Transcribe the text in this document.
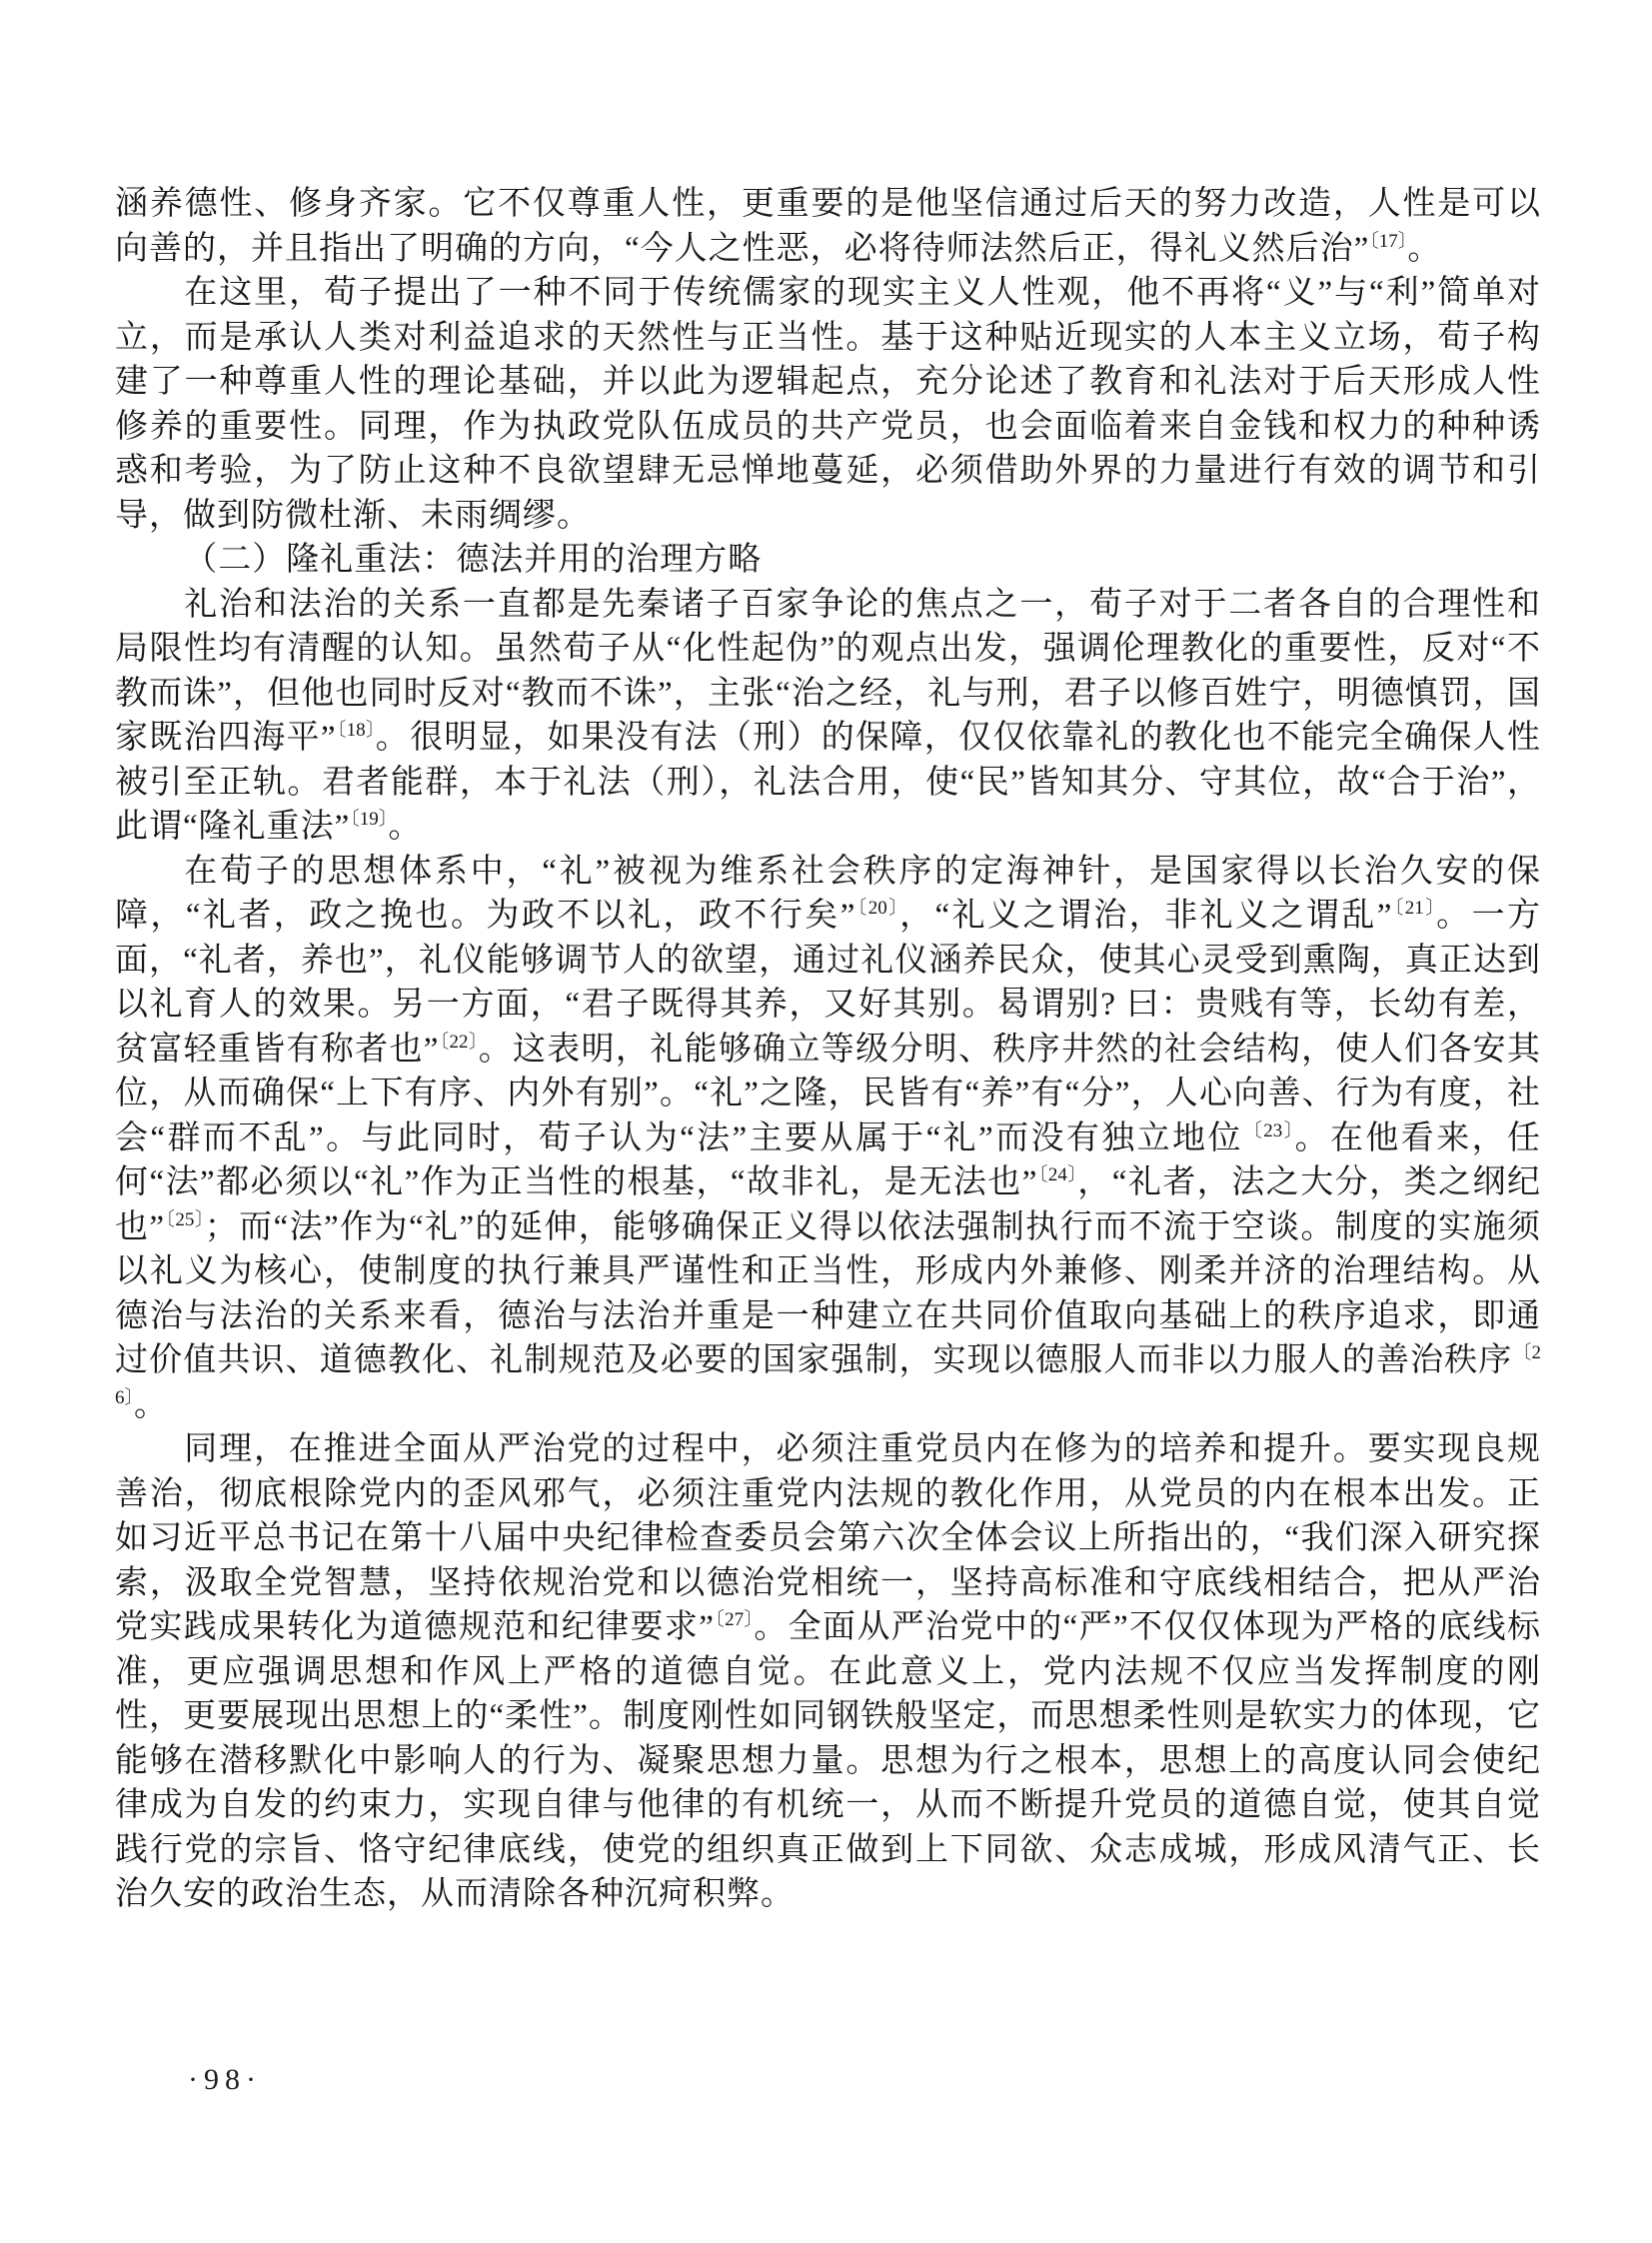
涵养德性、修身齐家。它不仅尊重人性，更重要的是他坚信通过后天的努力改造，人性是可以向善的，并且指出了明确的方向，“今人之性恶，必将待师法然后正，得礼义然后治”$^{〔17〕}$。

在这里，荀子提出了一种不同于传统儒家的现实主义人性观，他不再将“义”与“利”简单对立，而是承认人类对利益追求的天然性与正当性。基于这种贴近现实的人本主义立场，荀子构建了一种尊重人性的理论基础，并以此为逻辑起点，充分论述了教育和礼法对于后天形成人性修养的重要性。同理，作为执政党队伍成员的共产党员，也会面临着来自金钱和权力的种种诱惑和考验，为了防止这种不良欲望肆无忌惮地蔓延，必须借助外界的力量进行有效的调节和引导，做到防微杜渐、未雨绸缪。

（二）隆礼重法：德法并用的治理方略

礼治和法治的关系一直都是先秦诸子百家争论的焦点之一，荀子对于二者各自的合理性和局限性均有清醒的认知。虽然荀子从“化性起伪”的观点出发，强调伦理教化的重要性，反对“不教而诛”，但他也同时反对“教而不诛”，主张“治之经，礼与刑，君子以修百姓宁，明德慎罚，国家既治四海平”$^{〔18〕}$。很明显，如果没有法（刑）的保障，仅仅依靠礼的教化也不能完全确保人性被引至正轨。君者能群，本于礼法（刑），礼法合用，使“民”皆知其分、守其位，故“合于治”，此谓“隆礼重法”$^{〔19〕}$。

在荀子的思想体系中，“礼”被视为维系社会秩序的定海神针，是国家得以长治久安的保障，“礼者，政之挽也。为政不以礼，政不行矣”$^{〔20〕}$，“礼义之谓治，非礼义之谓乱”$^{〔21〕}$。一方面，“礼者，养也”，礼仪能够调节人的欲望，通过礼仪涵养民众，使其心灵受到熏陶，真正达到以礼育人的效果。另一方面，“君子既得其养，又好其别。曷谓别? 曰：贵贱有等，长幼有差，贫富轻重皆有称者也”$^{〔22〕}$。这表明，礼能够确立等级分明、秩序井然的社会结构，使人们各安其位，从而确保“上下有序、内外有别”。“礼”之隆，民皆有“养”有“分”，人心向善、行为有度，社会“群而不乱”。与此同时，荀子认为“法”主要从属于“礼”而没有独立地位$^{〔23〕}$。在他看来，任何“法”都必须以“礼”作为正当性的根基，“故非礼，是无法也”$^{〔24〕}$，“礼者，法之大分，类之纲纪也”$^{〔25〕}$；而“法”作为“礼”的延伸，能够确保正义得以依法强制执行而不流于空谈。制度的实施须以礼义为核心，使制度的执行兼具严谨性和正当性，形成内外兼修、刚柔并济的治理结构。从德治与法治的关系来看，德治与法治并重是一种建立在共同价值取向基础上的秩序追求，即通过价值共识、道德教化、礼制规范及必要的国家强制，实现以德服人而非以力服人的善治秩序$^{〔26〕}$。

同理，在推进全面从严治党的过程中，必须注重党员内在修为的培养和提升。要实现良规善治，彻底根除党内的歪风邪气，必须注重党内法规的教化作用，从党员的内在根本出发。正如习近平总书记在第十八届中央纪律检查委员会第六次全体会议上所指出的，“我们深入研究探索，汲取全党智慧，坚持依规治党和以德治党相统一，坚持高标准和守底线相结合，把从严治党实践成果转化为道德规范和纪律要求”$^{〔27〕}$。全面从严治党中的“严”不仅仅体现为严格的底线标准，更应强调思想和作风上严格的道德自觉。在此意义上，党内法规不仅应当发挥制度的刚性，更要展现出思想上的“柔性”。制度刚性如同钢铁般坚定，而思想柔性则是软实力的体现，它能够在潜移默化中影响人的行为、凝聚思想力量。思想为行之根本，思想上的高度认同会使纪律成为自发的约束力，实现自律与他律的有机统一，从而不断提升党员的道德自觉，使其自觉践行党的宗旨、恪守纪律底线，使党的组织真正做到上下同欲、众志成城，形成风清气正、长治久安的政治生态，从而清除各种沉疴积弊。

·98·
